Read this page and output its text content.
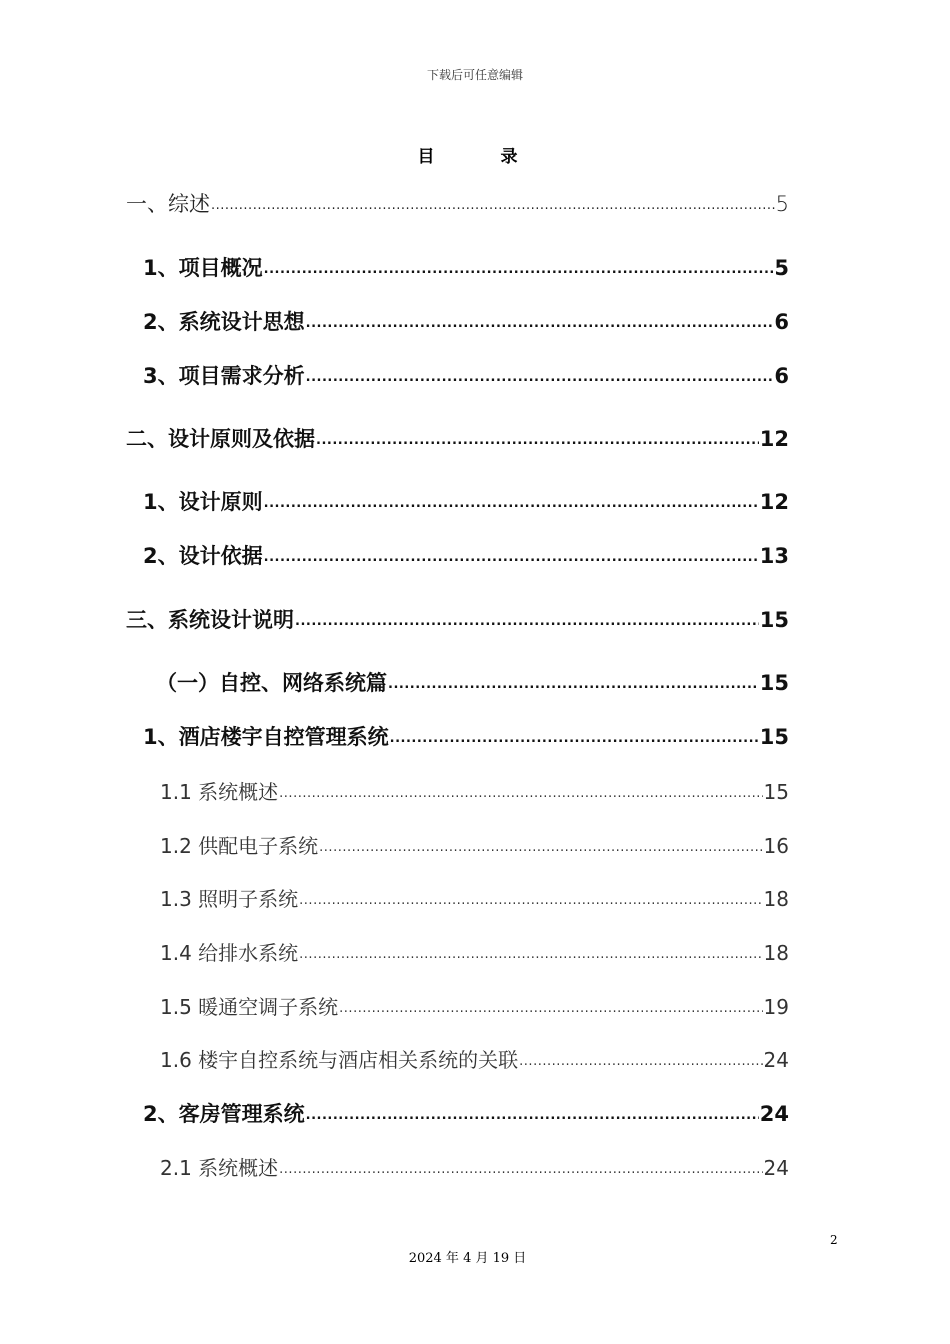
下载后可任意编辑
目 录
一、综述 .....	5
1、项目概况 .....	5
2、系统设计思想 .....	6
3、项目需求分析 .....	6
二、设计原则及依据 .....	12
1、设计原则 .....	12
2、设计依据 .....	13
三、系统设计说明 .....	15
（一）自控、网络系统篇 .....	15
1、酒店楼宇自控管理系统 .....	15
1.1 系统概述 .....	15
1.2 供配电子系统 .....	16
1.3 照明子系统 .....	18
1.4 给排水系统 .....	18
1.5 暖通空调子系统 .....	19
1.6 楼宇自控系统与酒店相关系统的关联 .....	24
2、客房管理系统 .....	24
2.1 系统概述 .....	24
2
2024 年 4 月 19 日
